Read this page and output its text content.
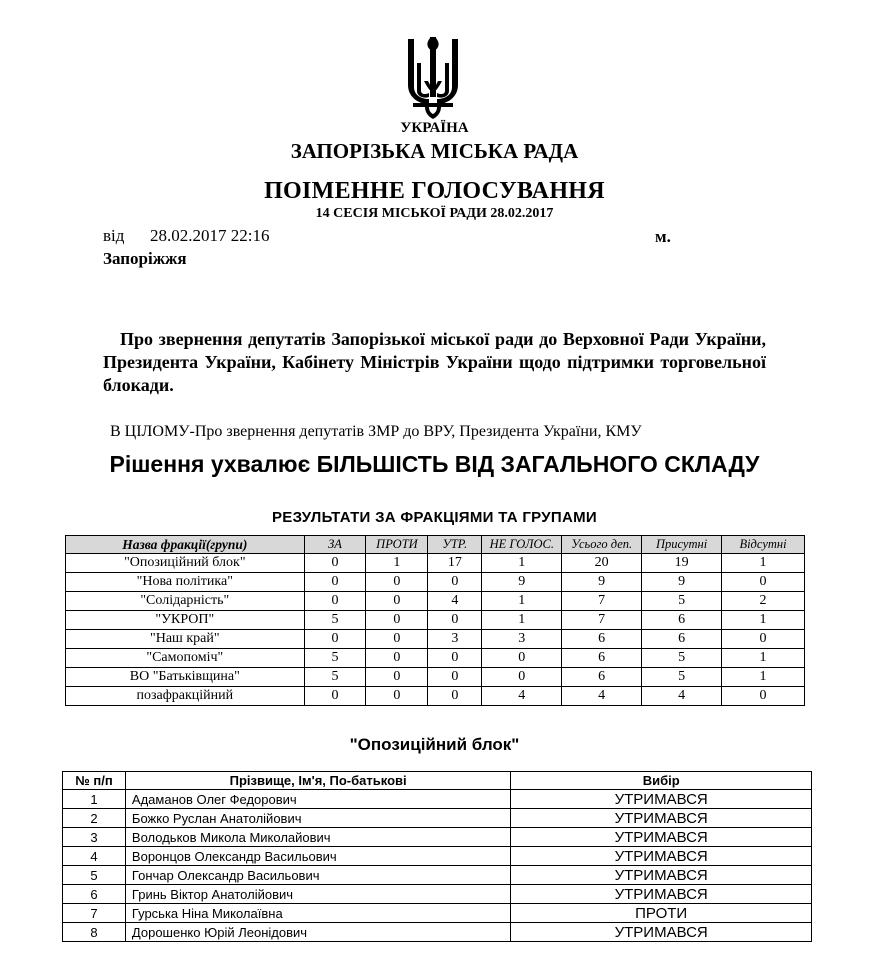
УКРАЇНА
ЗАПОРІЗЬКА МІСЬКА РАДА
ПОІМЕННЕ ГОЛОСУВАННЯ
14 СЕСІЯ МІСЬКОЇ РАДИ 28.02.2017
від 28.02.2017 22:16	м.
Запоріжжя
Про звернення депутатів Запорізької міської ради до Верховної Ради України, Президента України, Кабінету Міністрів України щодо підтримки торговельної блокади.
В ЦІЛОМУ-Про звернення депутатів ЗМР до ВРУ, Президента України, КМУ
Рішення ухвалює БІЛЬШІСТЬ ВІД ЗАГАЛЬНОГО СКЛАДУ
РЕЗУЛЬТАТИ ЗА ФРАКЦІЯМИ ТА ГРУПАМИ
Назва фракції(групи)	ЗА	ПРОТИ	УТР.	НЕ ГОЛОС.	Усього деп.	Присутні	Відсутні
"Опозиційний блок"	0	1	17	1	20	19	1
"Нова політика"	0	0	0	9	9	9	0
"Солідарність"	0	0	4	1	7	5	2
"УКРОП"	5	0	0	1	7	6	1
"Наш край"	0	0	3	3	6	6	0
"Самопоміч"	5	0	0	0	6	5	1
ВО "Батьківщина"	5	0	0	0	6	5	1
позафракційний	0	0	0	4	4	4	0
"Опозиційний блок"
№ п/п	Прізвище, Ім'я, По-батькові	Вибір
1	Адаманов Олег Федорович	УТРИМАВСЯ
2	Божко Руслан Анатолійович	УТРИМАВСЯ
3	Володьков Микола Миколайович	УТРИМАВСЯ
4	Воронцов Олександр Васильович	УТРИМАВСЯ
5	Гончар Олександр Васильович	УТРИМАВСЯ
6	Гринь Віктор Анатолійович	УТРИМАВСЯ
7	Гурська Ніна Миколаївна	ПРОТИ
8	Дорошенко Юрій Леонідович	УТРИМАВСЯ
